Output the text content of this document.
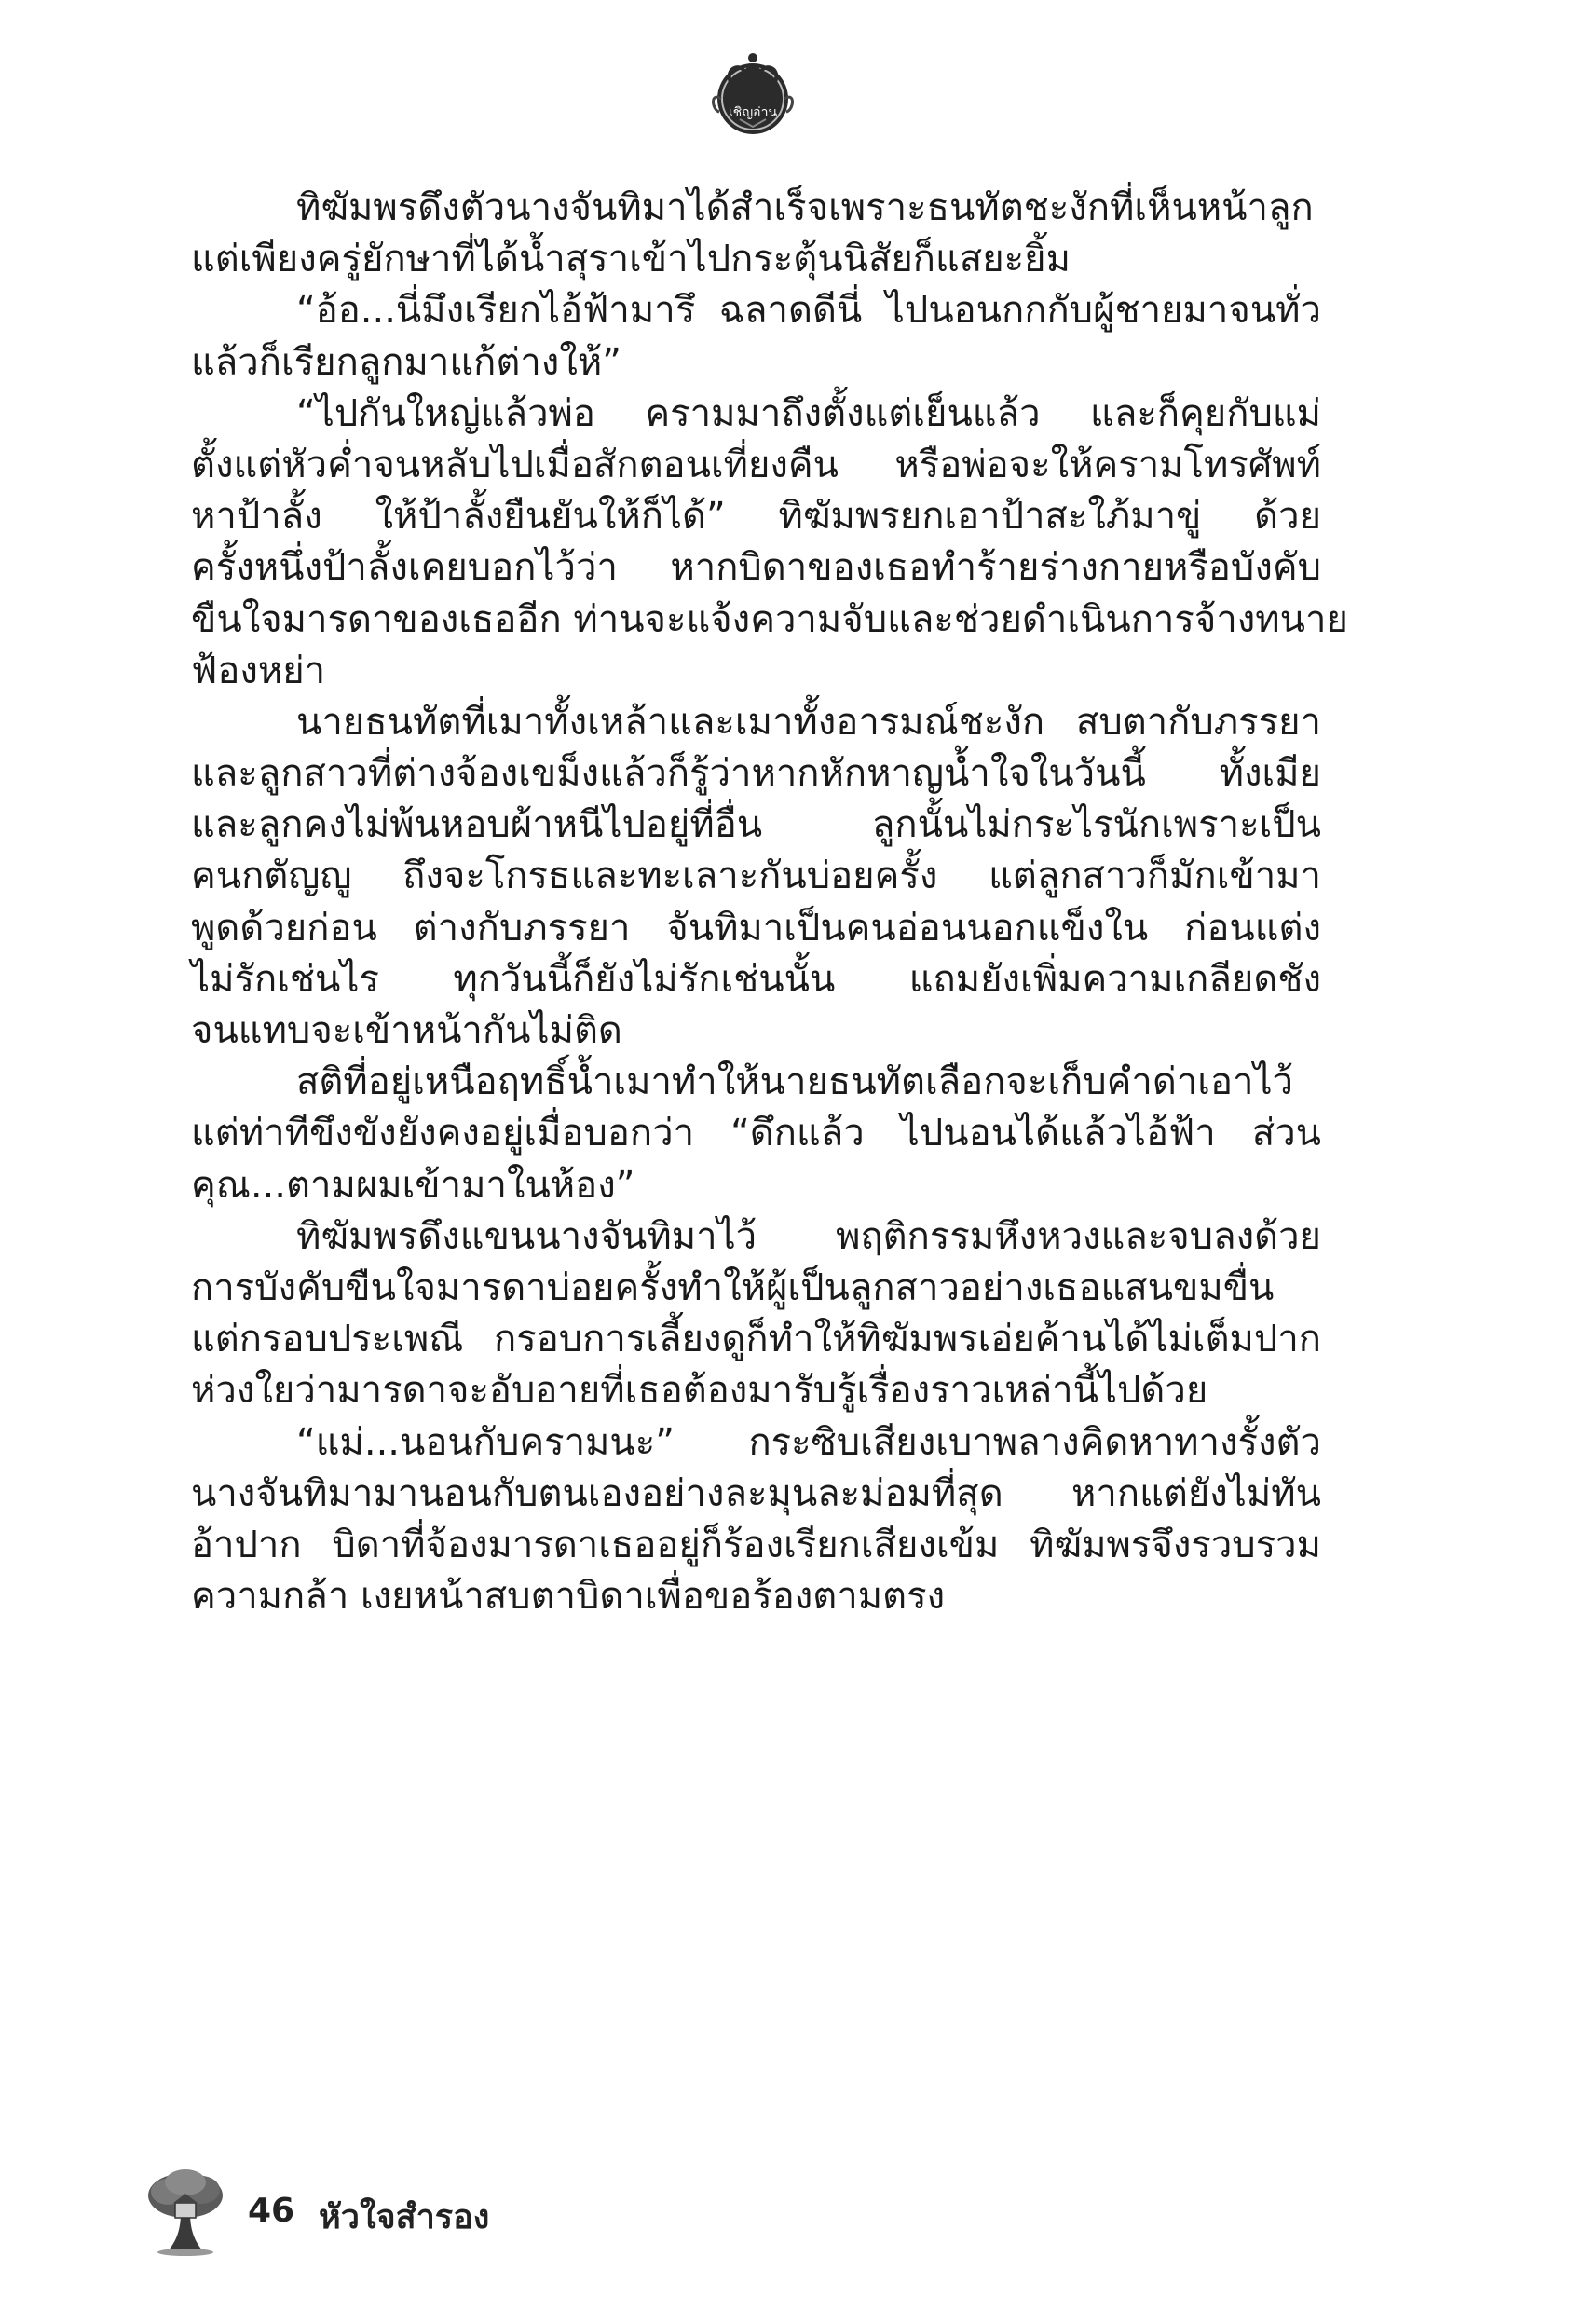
เชิญอ่าน
ทิฆัมพรดึงตัวนางจันทิมาได้สำเร็จเพราะธนทัตชะงักที่เห็นหน้าลูก
แต่เพียงครู่ยักษาที่ได้น้ำสุราเข้าไปกระตุ้นนิสัยก็แสยะยิ้ม
“อ้อ...นี่มึงเรียกไอ้ฟ้ามารึ ฉลาดดีนี่ ไปนอนกกกับผู้ชายมาจนทั่ว
แล้วก็เรียกลูกมาแก้ต่างให้”
“ไปกันใหญ่แล้วพ่อ ครามมาถึงตั้งแต่เย็นแล้ว และก็คุยกับแม่
ตั้งแต่หัวค่ำจนหลับไปเมื่อสักตอนเที่ยงคืน หรือพ่อจะให้ครามโทรศัพท์
หาป้าลั้ง ให้ป้าลั้งยืนยันให้ก็ได้” ทิฆัมพรยกเอาป้าสะใภ้มาขู่ ด้วย
ครั้งหนึ่งป้าลั้งเคยบอกไว้ว่า หากบิดาของเธอทำร้ายร่างกายหรือบังคับ
ขืนใจมารดาของเธออีก ท่านจะแจ้งความจับและช่วยดำเนินการจ้างทนาย
ฟ้องหย่า
นายธนทัตที่เมาทั้งเหล้าและเมาทั้งอารมณ์ชะงัก สบตากับภรรยา
และลูกสาวที่ต่างจ้องเขม็งแล้วก็รู้ว่าหากหักหาญน้ำใจในวันนี้ ทั้งเมีย
และลูกคงไม่พ้นหอบผ้าหนีไปอยู่ที่อื่น ลูกนั้นไม่กระไรนักเพราะเป็น
คนกตัญญู ถึงจะโกรธและทะเลาะกันบ่อยครั้ง แต่ลูกสาวก็มักเข้ามา
พูดด้วยก่อน ต่างกับภรรยา จันทิมาเป็นคนอ่อนนอกแข็งใน ก่อนแต่ง
ไม่รักเช่นไร ทุกวันนี้ก็ยังไม่รักเช่นนั้น แถมยังเพิ่มความเกลียดชัง
จนแทบจะเข้าหน้ากันไม่ติด
สติที่อยู่เหนือฤทธิ์น้ำเมาทำให้นายธนทัตเลือกจะเก็บคำด่าเอาไว้
แต่ท่าทีขึงขังยังคงอยู่เมื่อบอกว่า “ดึกแล้ว ไปนอนได้แล้วไอ้ฟ้า ส่วน
คุณ...ตามผมเข้ามาในห้อง”
ทิฆัมพรดึงแขนนางจันทิมาไว้ พฤติกรรมหึงหวงและจบลงด้วย
การบังคับขืนใจมารดาบ่อยครั้งทำให้ผู้เป็นลูกสาวอย่างเธอแสนขมขื่น
แต่กรอบประเพณี กรอบการเลี้ยงดูก็ทำให้ทิฆัมพรเอ่ยค้านได้ไม่เต็มปาก
ห่วงใยว่ามารดาจะอับอายที่เธอต้องมารับรู้เรื่องราวเหล่านี้ไปด้วย
“แม่...นอนกับครามนะ” กระซิบเสียงเบาพลางคิดหาทางรั้งตัว
นางจันทิมามานอนกับตนเองอย่างละมุนละม่อมที่สุด หากแต่ยังไม่ทัน
อ้าปาก บิดาที่จ้องมารดาเธออยู่ก็ร้องเรียกเสียงเข้ม ทิฆัมพรจึงรวบรวม
ความกล้า เงยหน้าสบตาบิดาเพื่อขอร้องตามตรง
46 หัวใจสำรอง
